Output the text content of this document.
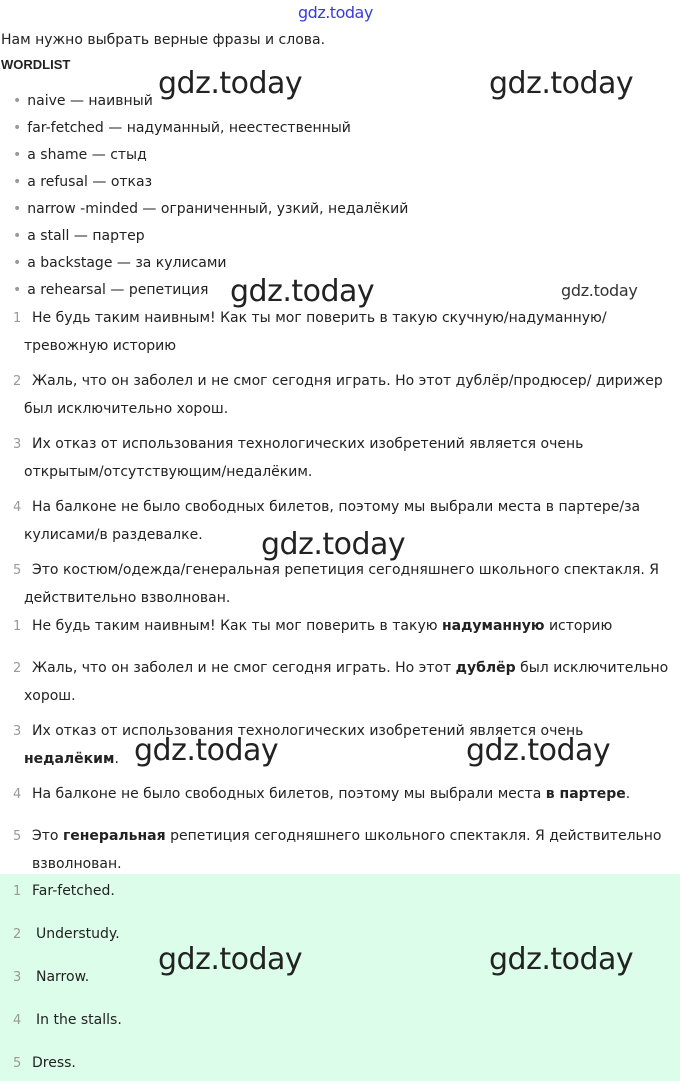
gdz.today
Нам нужно выбрать верные фразы и слова.
WORDLIST
• naive — наивный
• far-fetched — надуманный, неестественный
• a shame — стыд
• a refusal — отказ
• narrow -minded — ограниченный, узкий, недалёкий
• a stall — партер
• a backstage — за кулисами
• a rehearsal — репетиция
1 Не будь таким наивным! Как ты мог поверить в такую скучную/надуманную/
тревожную историю
2 Жаль, что он заболел и не смог сегодня играть. Но этот дублёр/продюсер/ дирижер
был исключительно хорош.
3 Их отказ от использования технологических изобретений является очень
открытым/отсутствующим/недалёким.
4 На балконе не было свободных билетов, поэтому мы выбрали места в партере/за
кулисами/в раздевалке.
5 Это костюм/одежда/генеральная репетиция сегодняшнего школьного спектакля. Я
действительно взволнован.
1 Не будь таким наивным! Как ты мог поверить в такую надуманную историю
2 Жаль, что он заболел и не смог сегодня играть. Но этот дублёр был исключительно
хорош.
3 Их отказ от использования технологических изобретений является очень
недалёким.
4 На балконе не было свободных билетов, поэтому мы выбрали места в партере.
5 Это генеральная репетиция сегодняшнего школьного спектакля. Я действительно
взволнован.
1 Far-fetched.
2 Understudy.
3 Narrow.
4 In the stalls.
5 Dress.
gdz.today	gdz.today
gdz.today	gdz.today
gdz.today
gdz.today	gdz.today
gdz.today	gdz.today
